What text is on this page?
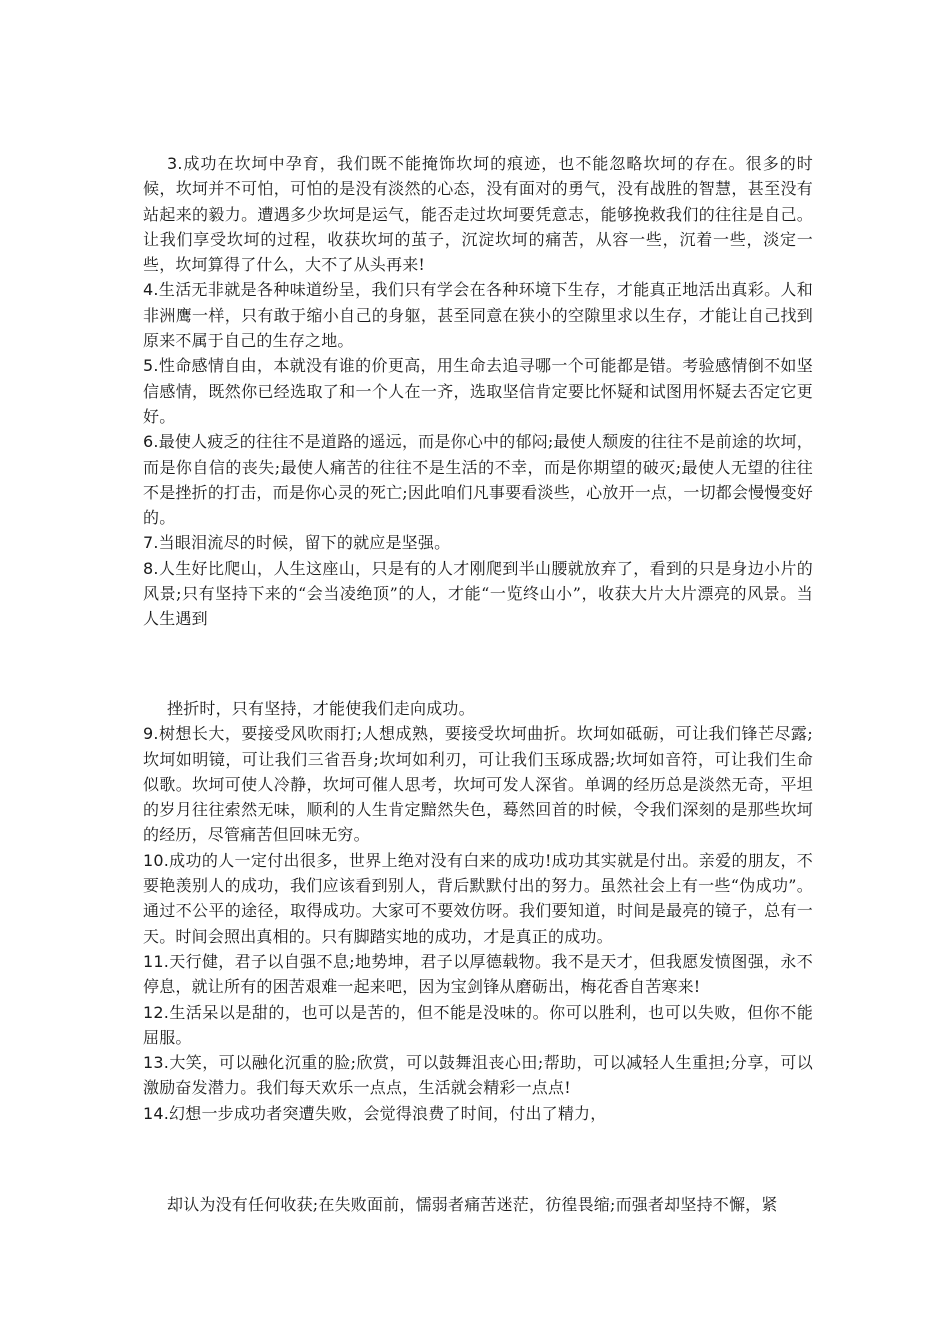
3.成功在坎坷中孕育，我们既不能掩饰坎坷的痕迹，也不能忽略坎坷的存在。很多的时候，坎坷并不可怕，可怕的是没有淡然的心态，没有面对的勇气，没有战胜的智慧，甚至没有站起来的毅力。遭遇多少坎坷是运气，能否走过坎坷要凭意志，能够挽救我们的往往是自己。让我们享受坎坷的过程，收获坎坷的茧子，沉淀坎坷的痛苦，从容一些，沉着一些，淡定一些，坎坷算得了什么，大不了从头再来!

4.生活无非就是各种味道纷呈，我们只有学会在各种环境下生存，才能真正地活出真彩。人和非洲鹰一样，只有敢于缩小自己的身躯，甚至同意在狭小的空隙里求以生存，才能让自己找到原来不属于自己的生存之地。

5.性命感情自由，本就没有谁的价更高，用生命去追寻哪一个可能都是错。考验感情倒不如坚信感情，既然你已经选取了和一个人在一齐，选取坚信肯定要比怀疑和试图用怀疑去否定它更好。

6.最使人疲乏的往往不是道路的遥远，而是你心中的郁闷;最使人颓废的往往不是前途的坎坷，而是你自信的丧失;最使人痛苦的往往不是生活的不幸，而是你期望的破灭;最使人无望的往往不是挫折的打击，而是你心灵的死亡;因此咱们凡事要看淡些，心放开一点，一切都会慢慢变好的。

7.当眼泪流尽的时候，留下的就应是坚强。

8.人生好比爬山，人生这座山，只是有的人才刚爬到半山腰就放弃了，看到的只是身边小片的风景;只有坚持下来的“会当凌绝顶”的人，才能“一览终山小”，收获大片大片漂亮的风景。当人生遇到

挫折时，只有坚持，才能使我们走向成功。

9.树想长大，要接受风吹雨打;人想成熟，要接受坎坷曲折。坎坷如砥砺，可让我们锋芒尽露;坎坷如明镜，可让我们三省吾身;坎坷如利刃，可让我们玉琢成器;坎坷如音符，可让我们生命似歌。坎坷可使人冷静，坎坷可催人思考，坎坷可发人深省。单调的经历总是淡然无奇，平坦的岁月往往索然无味，顺利的人生肯定黯然失色，蓦然回首的时候，令我们深刻的是那些坎坷的经历，尽管痛苦但回味无穷。

10.成功的人一定付出很多，世界上绝对没有白来的成功!成功其实就是付出。亲爱的朋友，不要艳羡别人的成功，我们应该看到别人，背后默默付出的努力。虽然社会上有一些“伪成功”。通过不公平的途径，取得成功。大家可不要效仿呀。我们要知道，时间是最亮的镜子，总有一天。时间会照出真相的。只有脚踏实地的成功，才是真正的成功。

11.天行健，君子以自强不息;地势坤，君子以厚德载物。我不是天才，但我愿发愤图强，永不停息，就让所有的困苦艰难一起来吧，因为宝剑锋从磨砺出，梅花香自苦寒来!

12.生活呆以是甜的，也可以是苦的，但不能是没味的。你可以胜利，也可以失败，但你不能屈服。

13.大笑，可以融化沉重的脸;欣赏，可以鼓舞沮丧心田;帮助，可以减轻人生重担;分享，可以激励奋发潜力。我们每天欢乐一点点，生活就会精彩一点点!

14.幻想一步成功者突遭失败，会觉得浪费了时间，付出了精力，

却认为没有任何收获;在失败面前，懦弱者痛苦迷茫，彷徨畏缩;而强者却坚持不懈，紧
